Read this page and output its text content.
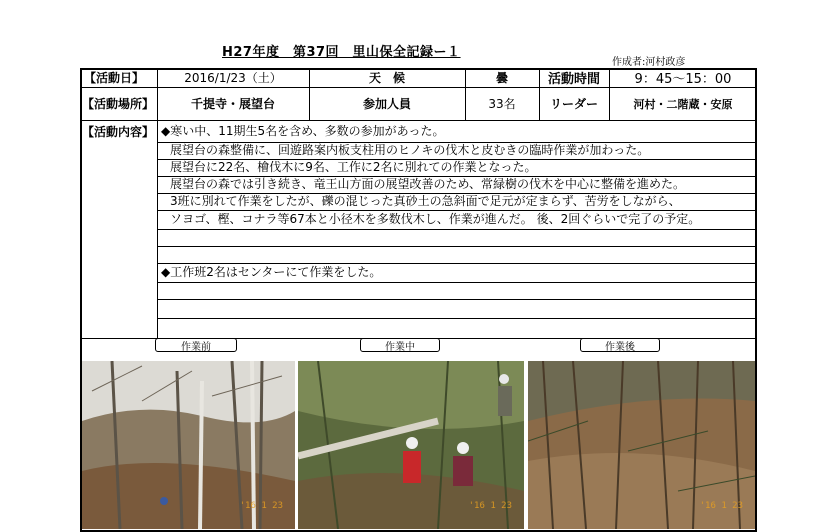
H27年度　第37回　里山保全記録ー１
作成者:河村政彦
【活動日】	2016/1/23（土）	天　候	曇	活動時間	9：45～15：00
【活動場所】	千提寺・展望台	参加人員	33名	リーダー	河村・二階蔵・安原
【活動内容】 ◆寒い中、11期生5名を含め、多数の参加があった。
展望台の森整備に、回遊路案内板支柱用のヒノキの伐木と皮むきの臨時作業が加わった。
展望台に22名、檜伐木に9名、工作に2名に別れての作業となった。
展望台の森では引き続き、竜王山方面の展望改善のため、常緑樹の伐木を中心に整備を進めた。
3班に別れて作業をしたが、礫の混じった真砂土の急斜面で足元が定まらず、苦労をしながら、
ソヨゴ、樫、コナラ等67本と小径木を多数伐木し、作業が進んだ。 後、2回ぐらいで完了の予定。
◆工作班2名はセンターにて作業をした。
作業前	作業中	作業後
'16 1 23	'16 1 23	'16 1 23
